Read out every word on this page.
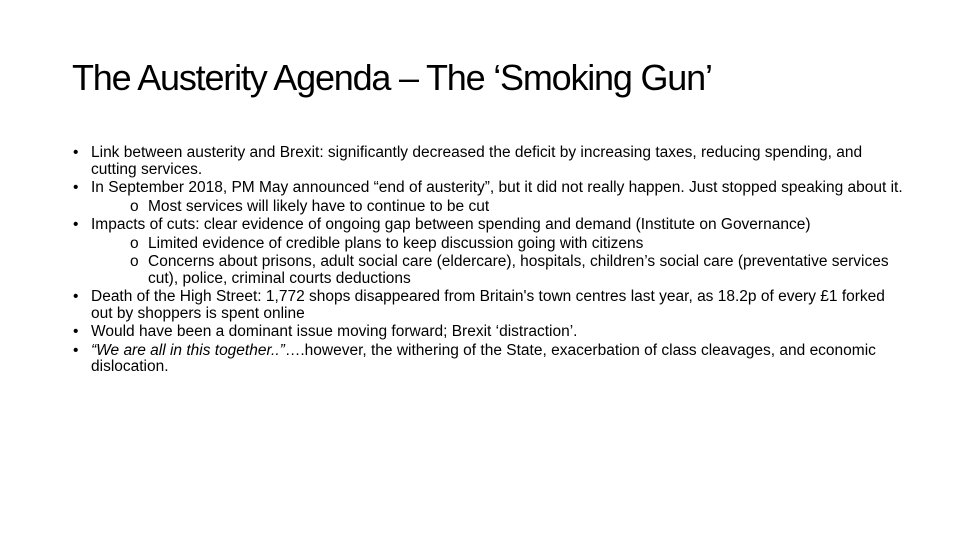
The Austerity Agenda – The ‘Smoking Gun’
• Link between austerity and Brexit: significantly decreased the deficit by increasing taxes, reducing spending, and cutting services.
• In September 2018, PM May announced “end of austerity”, but it did not really happen. Just stopped speaking about it.
o Most services will likely have to continue to be cut
• Impacts of cuts: clear evidence of ongoing gap between spending and demand (Institute on Governance)
o Limited evidence of credible plans to keep discussion going with citizens
o Concerns about prisons, adult social care (eldercare), hospitals, children’s social care (preventative services cut), police, criminal courts deductions
• Death of the High Street: 1,772 shops disappeared from Britain's town centres last year, as 18.2p of every £1 forked out by shoppers is spent online
• Would have been a dominant issue moving forward; Brexit ‘distraction’.
• “We are all in this together..”….however, the withering of the State, exacerbation of class cleavages, and economic dislocation.
